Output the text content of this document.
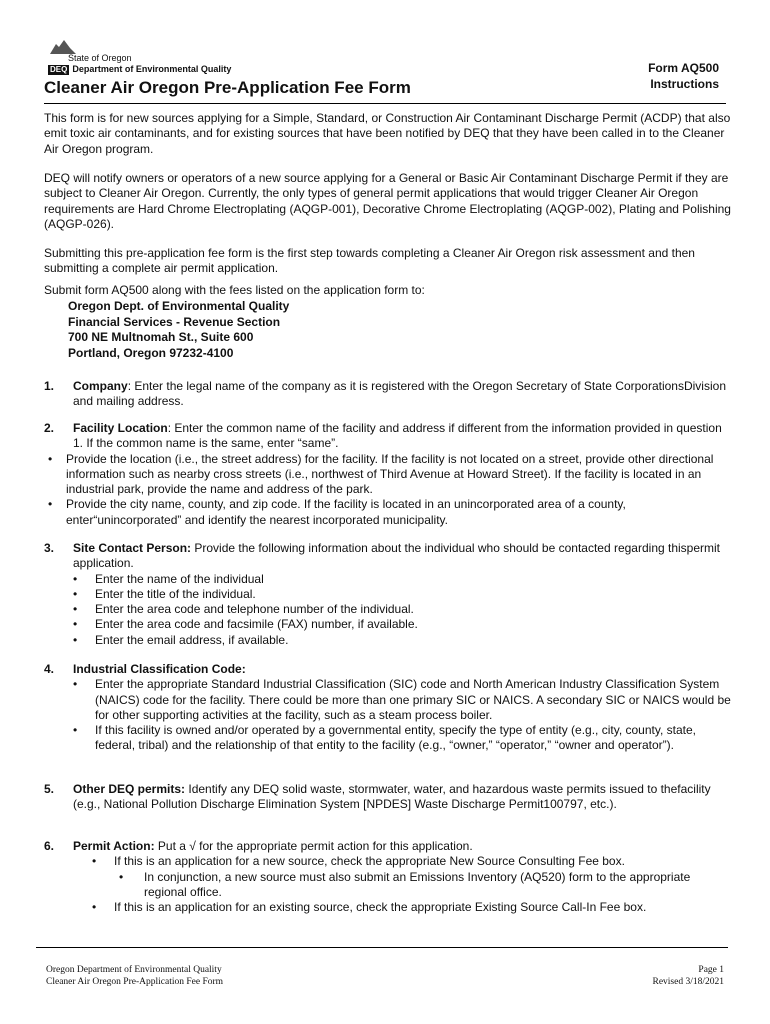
State of Oregon
DEQ Department of Environmental Quality
Cleaner Air Oregon Pre-Application Fee Form
Form AQ500
Instructions
This form is for new sources applying for a Simple, Standard, or Construction Air Contaminant Discharge Permit (ACDP) that also emit toxic air contaminants, and for existing sources that have been notified by DEQ that they have been called in to the Cleaner Air Oregon program.
DEQ will notify owners or operators of a new source applying for a General or Basic Air Contaminant Discharge Permit if they are subject to Cleaner Air Oregon. Currently, the only types of general permit applications that would trigger Cleaner Air Oregon requirements are Hard Chrome Electroplating (AQGP-001), Decorative Chrome Electroplating (AQGP-002), Plating and Polishing (AQGP-026).
Submitting this pre-application fee form is the first step towards completing a Cleaner Air Oregon risk assessment and then submitting a complete air permit application.
Submit form AQ500 along with the fees listed on the application form to:
Oregon Dept. of Environmental Quality
Financial Services - Revenue Section
700 NE Multnomah St., Suite 600
Portland, Oregon 97232-4100
1. Company: Enter the legal name of the company as it is registered with the Oregon Secretary of State CorporationsDivision and mailing address.
2. Facility Location: Enter the common name of the facility and address if different from the information provided in question 1. If the common name is the same, enter “same”.
• Provide the location (i.e., the street address) for the facility. If the facility is not located on a street, provide other directional information such as nearby cross streets (i.e., northwest of Third Avenue at Howard Street). If the facility is located in an industrial park, provide the name and address of the park.
• Provide the city name, county, and zip code. If the facility is located in an unincorporated area of a county, enter“unincorporated” and identify the nearest incorporated municipality.
3. Site Contact Person: Provide the following information about the individual who should be contacted regarding thispermit application.
• Enter the name of the individual
• Enter the title of the individual.
• Enter the area code and telephone number of the individual.
• Enter the area code and facsimile (FAX) number, if available.
• Enter the email address, if available.
4. Industrial Classification Code:
• Enter the appropriate Standard Industrial Classification (SIC) code and North American Industry Classification System (NAICS) code for the facility. There could be more than one primary SIC or NAICS. A secondary SIC or NAICS would be for other supporting activities at the facility, such as a steam process boiler.
• If this facility is owned and/or operated by a governmental entity, specify the type of entity (e.g., city, county, state, federal, tribal) and the relationship of that entity to the facility (e.g., “owner,” “operator,” “owner and operator”).
5. Other DEQ permits: Identify any DEQ solid waste, stormwater, water, and hazardous waste permits issued to thefacility (e.g., National Pollution Discharge Elimination System [NPDES] Waste Discharge Permit100797, etc.).
6. Permit Action: Put a √ for the appropriate permit action for this application.
• If this is an application for a new source, check the appropriate New Source Consulting Fee box.
• In conjunction, a new source must also submit an Emissions Inventory (AQ520) form to the appropriate regional office.
• If this is an application for an existing source, check the appropriate Existing Source Call-In Fee box.
Oregon Department of Environmental Quality
Cleaner Air Oregon Pre-Application Fee Form
Page 1
Revised 3/18/2021
